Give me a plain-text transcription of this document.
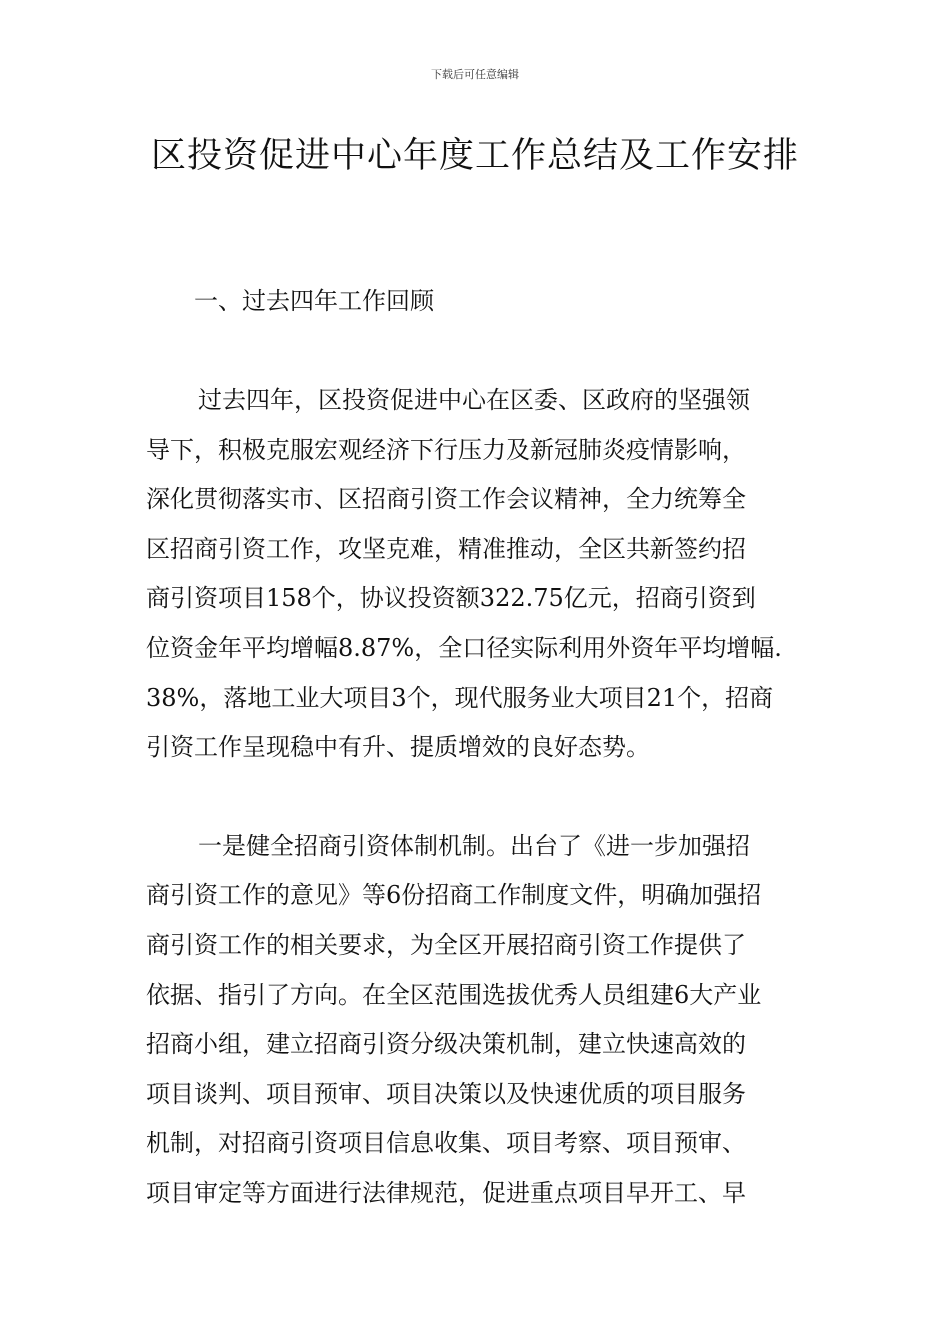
下载后可任意编辑
区投资促进中心年度工作总结及工作安排

一、过去四年工作回顾

过去四年，区投资促进中心在区委、区政府的坚强领
导下，积极克服宏观经济下行压力及新冠肺炎疫情影响，
深化贯彻落实市、区招商引资工作会议精神，全力统筹全
区招商引资工作，攻坚克难，精准推动，全区共新签约招
商引资项目158个，协议投资额322.75亿元，招商引资到
位资金年平均增幅8.87%，全口径实际利用外资年平均增幅.
38%，落地工业大项目3个，现代服务业大项目21个，招商
引资工作呈现稳中有升、提质增效的良好态势。

一是健全招商引资体制机制。出台了《进一步加强招
商引资工作的意见》等6份招商工作制度文件，明确加强招
商引资工作的相关要求，为全区开展招商引资工作提供了
依据、指引了方向。在全区范围选拔优秀人员组建6大产业
招商小组，建立招商引资分级决策机制，建立快速高效的
项目谈判、项目预审、项目决策以及快速优质的项目服务
机制，对招商引资项目信息收集、项目考察、项目预审、
项目审定等方面进行法律规范，促进重点项目早开工、早
